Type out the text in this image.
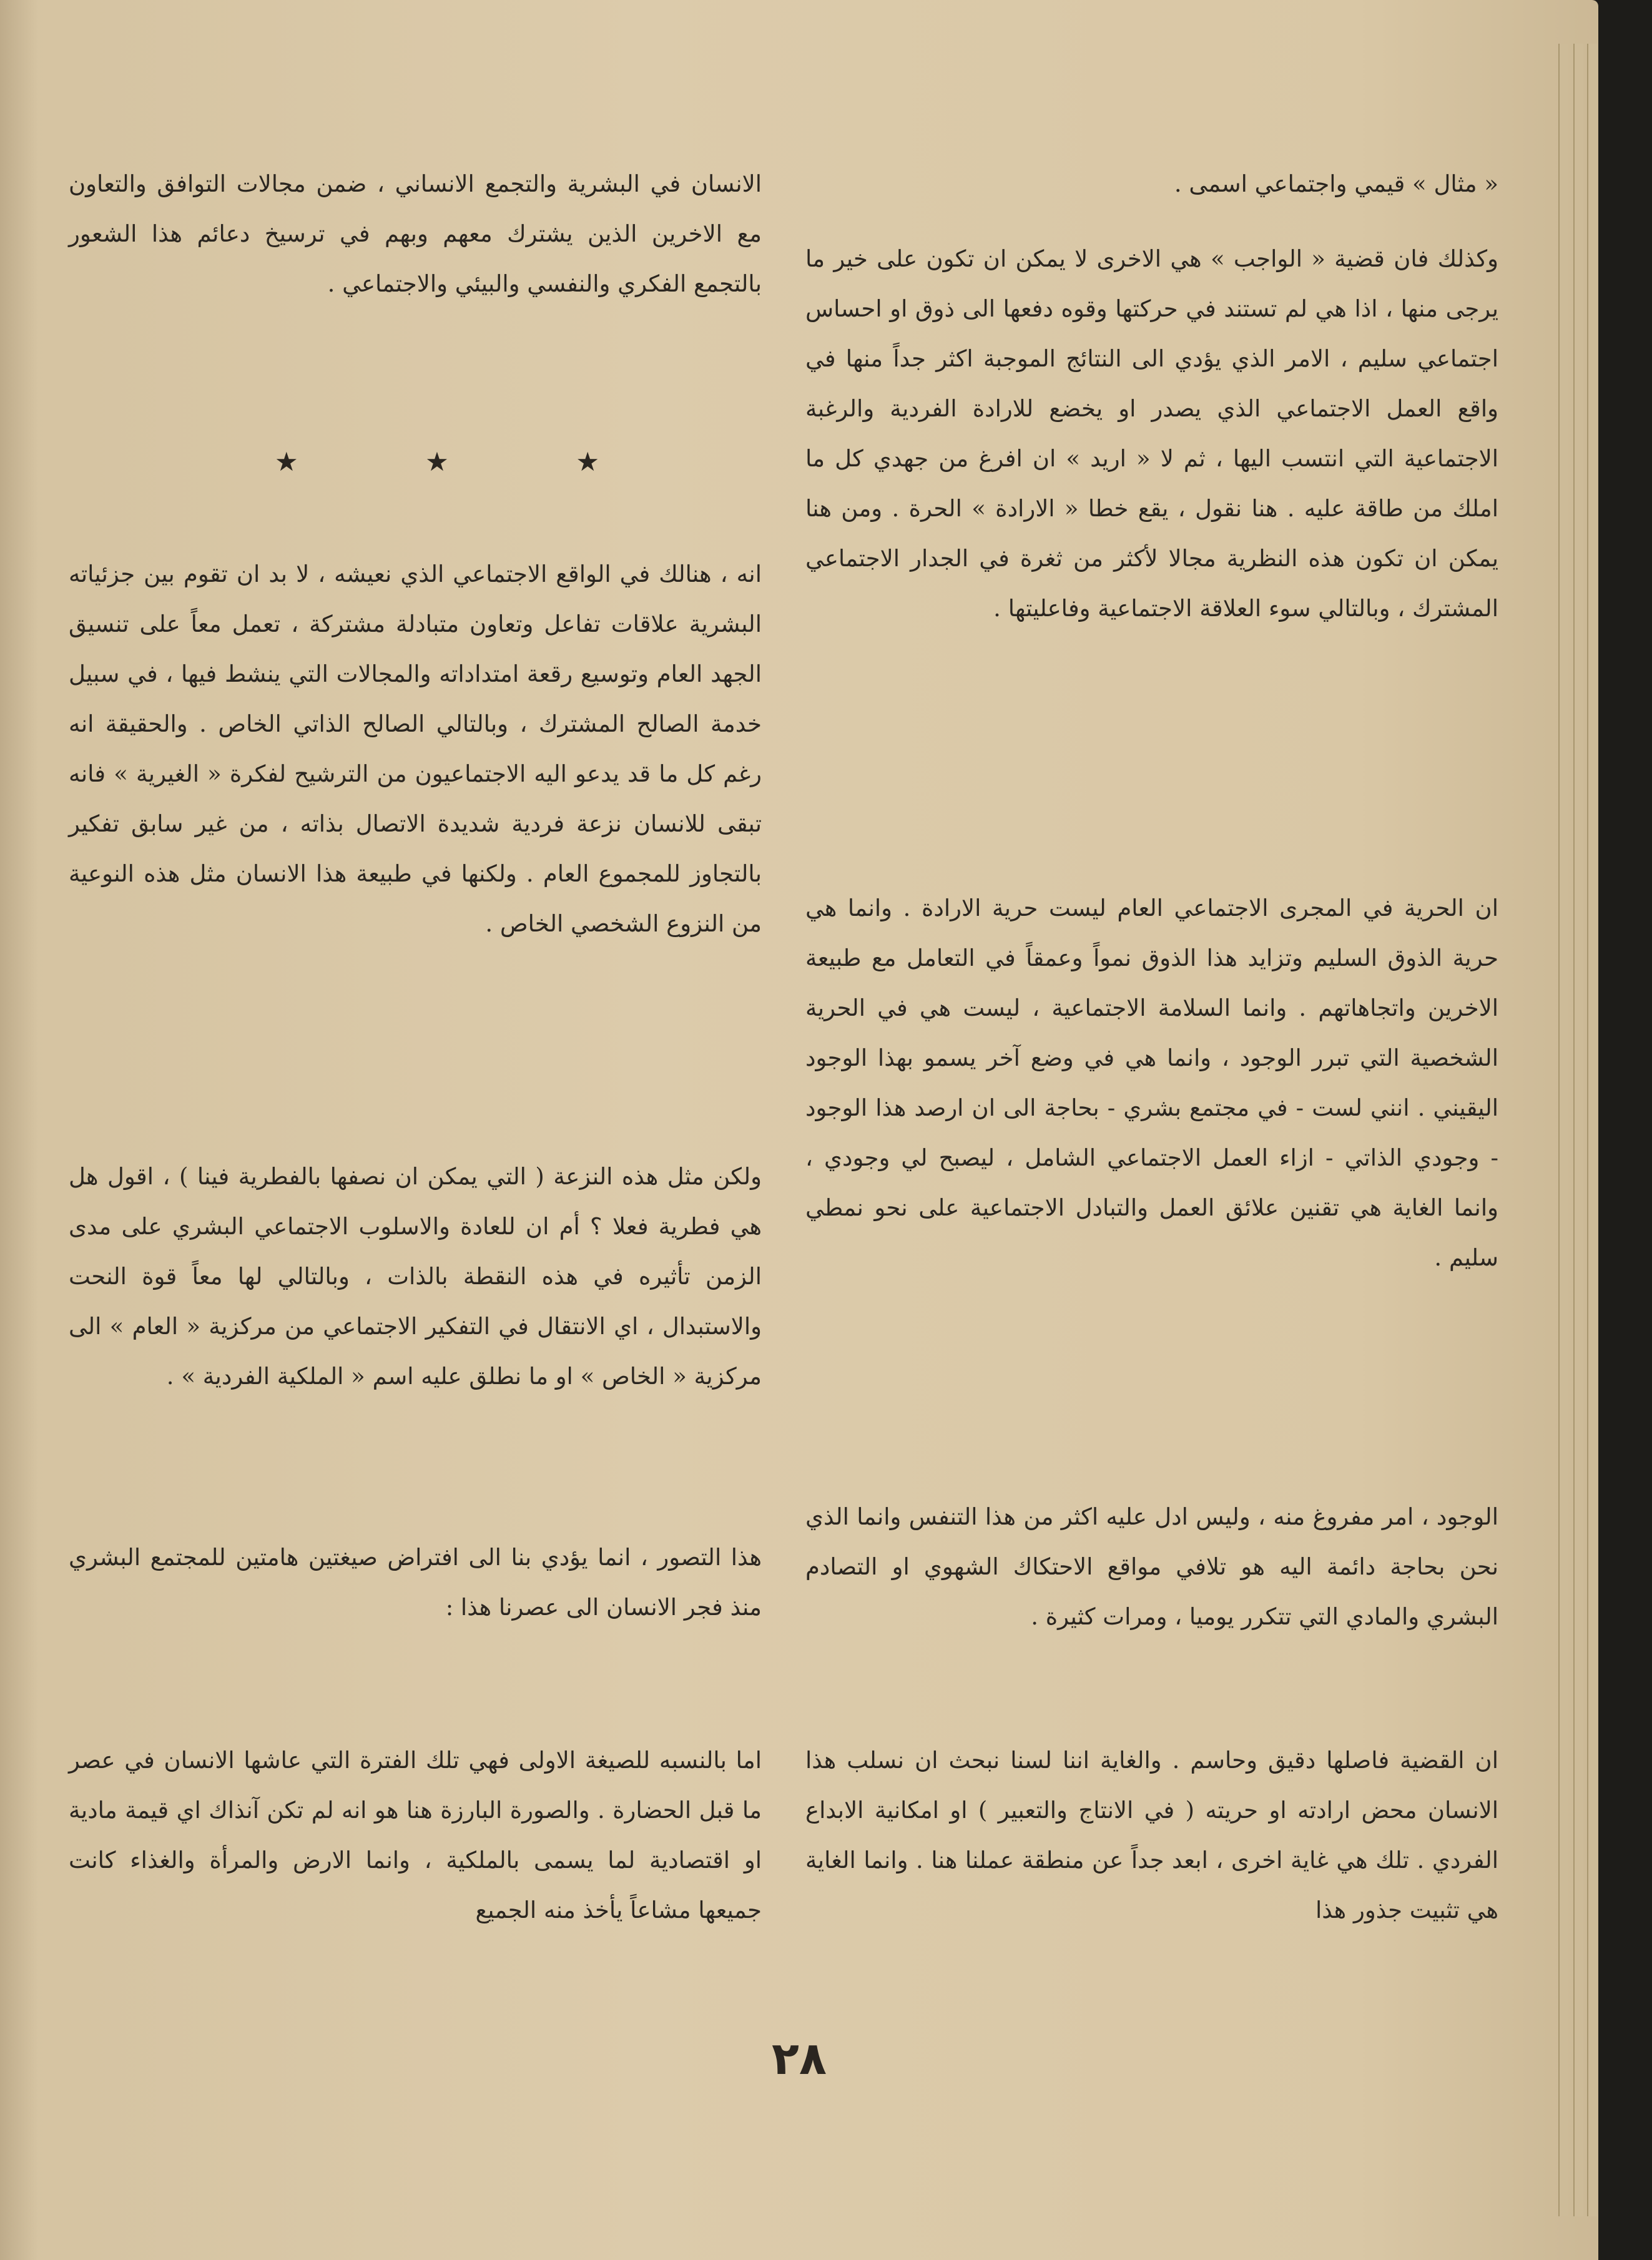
« مثال » قيمي واجتماعي اسمى .

وكذلك فان قضية « الواجب » هي الاخرى لا يمكن ان تكون على خير ما يرجى منها ، اذا هي لم تستند في حركتها وقوه دفعها الى ذوق او احساس اجتماعي سليم ، الامر الذي يؤدي الى النتائج الموجبة اكثر جداً منها في واقع العمل الاجتماعي الذي يصدر او يخضع للارادة الفردية والرغبة الاجتماعية التي انتسب اليها ، ثم لا « اريد » ان افرغ من جهدي كل ما املك من طاقة عليه . هنا نقول ، يقع خطا « الارادة » الحرة . ومن هنا يمكن ان تكون هذه النظرية مجالا لأكثر من ثغرة في الجدار الاجتماعي المشترك ، وبالتالي سوء العلاقة الاجتماعية وفاعليتها .

ان الحرية في المجرى الاجتماعي العام ليست حرية الارادة . وانما هي حرية الذوق السليم وتزايد هذا الذوق نمواً وعمقاً في التعامل مع طبيعة الاخرين واتجاهاتهم . وانما السلامة الاجتماعية ، ليست هي في الحرية الشخصية التي تبرر الوجود ، وانما هي في وضع آخر يسمو بهذا الوجود اليقيني . انني لست - في مجتمع بشري - بحاجة الى ان ارصد هذا الوجود - وجودي الذاتي - ازاء العمل الاجتماعي الشامل ، ليصبح لي وجودي ، وانما الغاية هي تقنين علائق العمل والتبادل الاجتماعية على نحو نمطي سليم .

الوجود ، امر مفروغ منه ، وليس ادل عليه اكثر من هذا التنفس وانما الذي نحن بحاجة دائمة اليه هو تلافي مواقع الاحتكاك الشهوي او التصادم البشري والمادي التي تتكرر يوميا ، ومرات كثيرة .

ان القضية فاصلها دقيق وحاسم . والغاية اننا لسنا نبحث ان نسلب هذا الانسان محض ارادته او حريته ( في الانتاج والتعبير ) او امكانية الابداع الفردي . تلك هي غاية اخرى ، ابعد جداً عن منطقة عملنا هنا . وانما الغاية هي تثبيت جذور هذا

الانسان في البشرية والتجمع الانساني ، ضمن مجالات التوافق والتعاون مع الاخرين الذين يشترك معهم وبهم في ترسيخ دعائم هذا الشعور بالتجمع الفكري والنفسي والبيئي والاجتماعي .

★	★	★

انه ، هنالك في الواقع الاجتماعي الذي نعيشه ، لا بد ان تقوم بين جزئياته البشرية علاقات تفاعل وتعاون متبادلة مشتركة ، تعمل معاً على تنسيق الجهد العام وتوسيع رقعة امتداداته والمجالات التي ينشط فيها ، في سبيل خدمة الصالح المشترك ، وبالتالي الصالح الذاتي الخاص . والحقيقة انه رغم كل ما قد يدعو اليه الاجتماعيون من الترشيح لفكرة « الغيرية » فانه تبقى للانسان نزعة فردية شديدة الاتصال بذاته ، من غير سابق تفكير بالتجاوز للمجموع العام . ولكنها في طبيعة هذا الانسان مثل هذه النوعية من النزوع الشخصي الخاص .

ولكن مثل هذه النزعة ( التي يمكن ان نصفها بالفطرية فينا ) ، اقول هل هي فطرية فعلا ؟ أم ان للعادة والاسلوب الاجتماعي البشري على مدى الزمن تأثيره في هذه النقطة بالذات ، وبالتالي لها معاً قوة النحت والاستبدال ، اي الانتقال في التفكير الاجتماعي من مركزية « العام » الى مركزية « الخاص » او ما نطلق عليه اسم « الملكية الفردية » .

هذا التصور ، انما يؤدي بنا الى افتراض صيغتين هامتين للمجتمع البشري منذ فجر الانسان الى عصرنا هذا :

اما بالنسبه للصيغة الاولى فهي تلك الفترة التي عاشها الانسان في عصر ما قبل الحضارة . والصورة البارزة هنا هو انه لم تكن آنذاك اي قيمة مادية او اقتصادية لما يسمى بالملكية ، وانما الارض والمرأة والغذاء كانت جميعها مشاعاً يأخذ منه الجميع

٢٨
